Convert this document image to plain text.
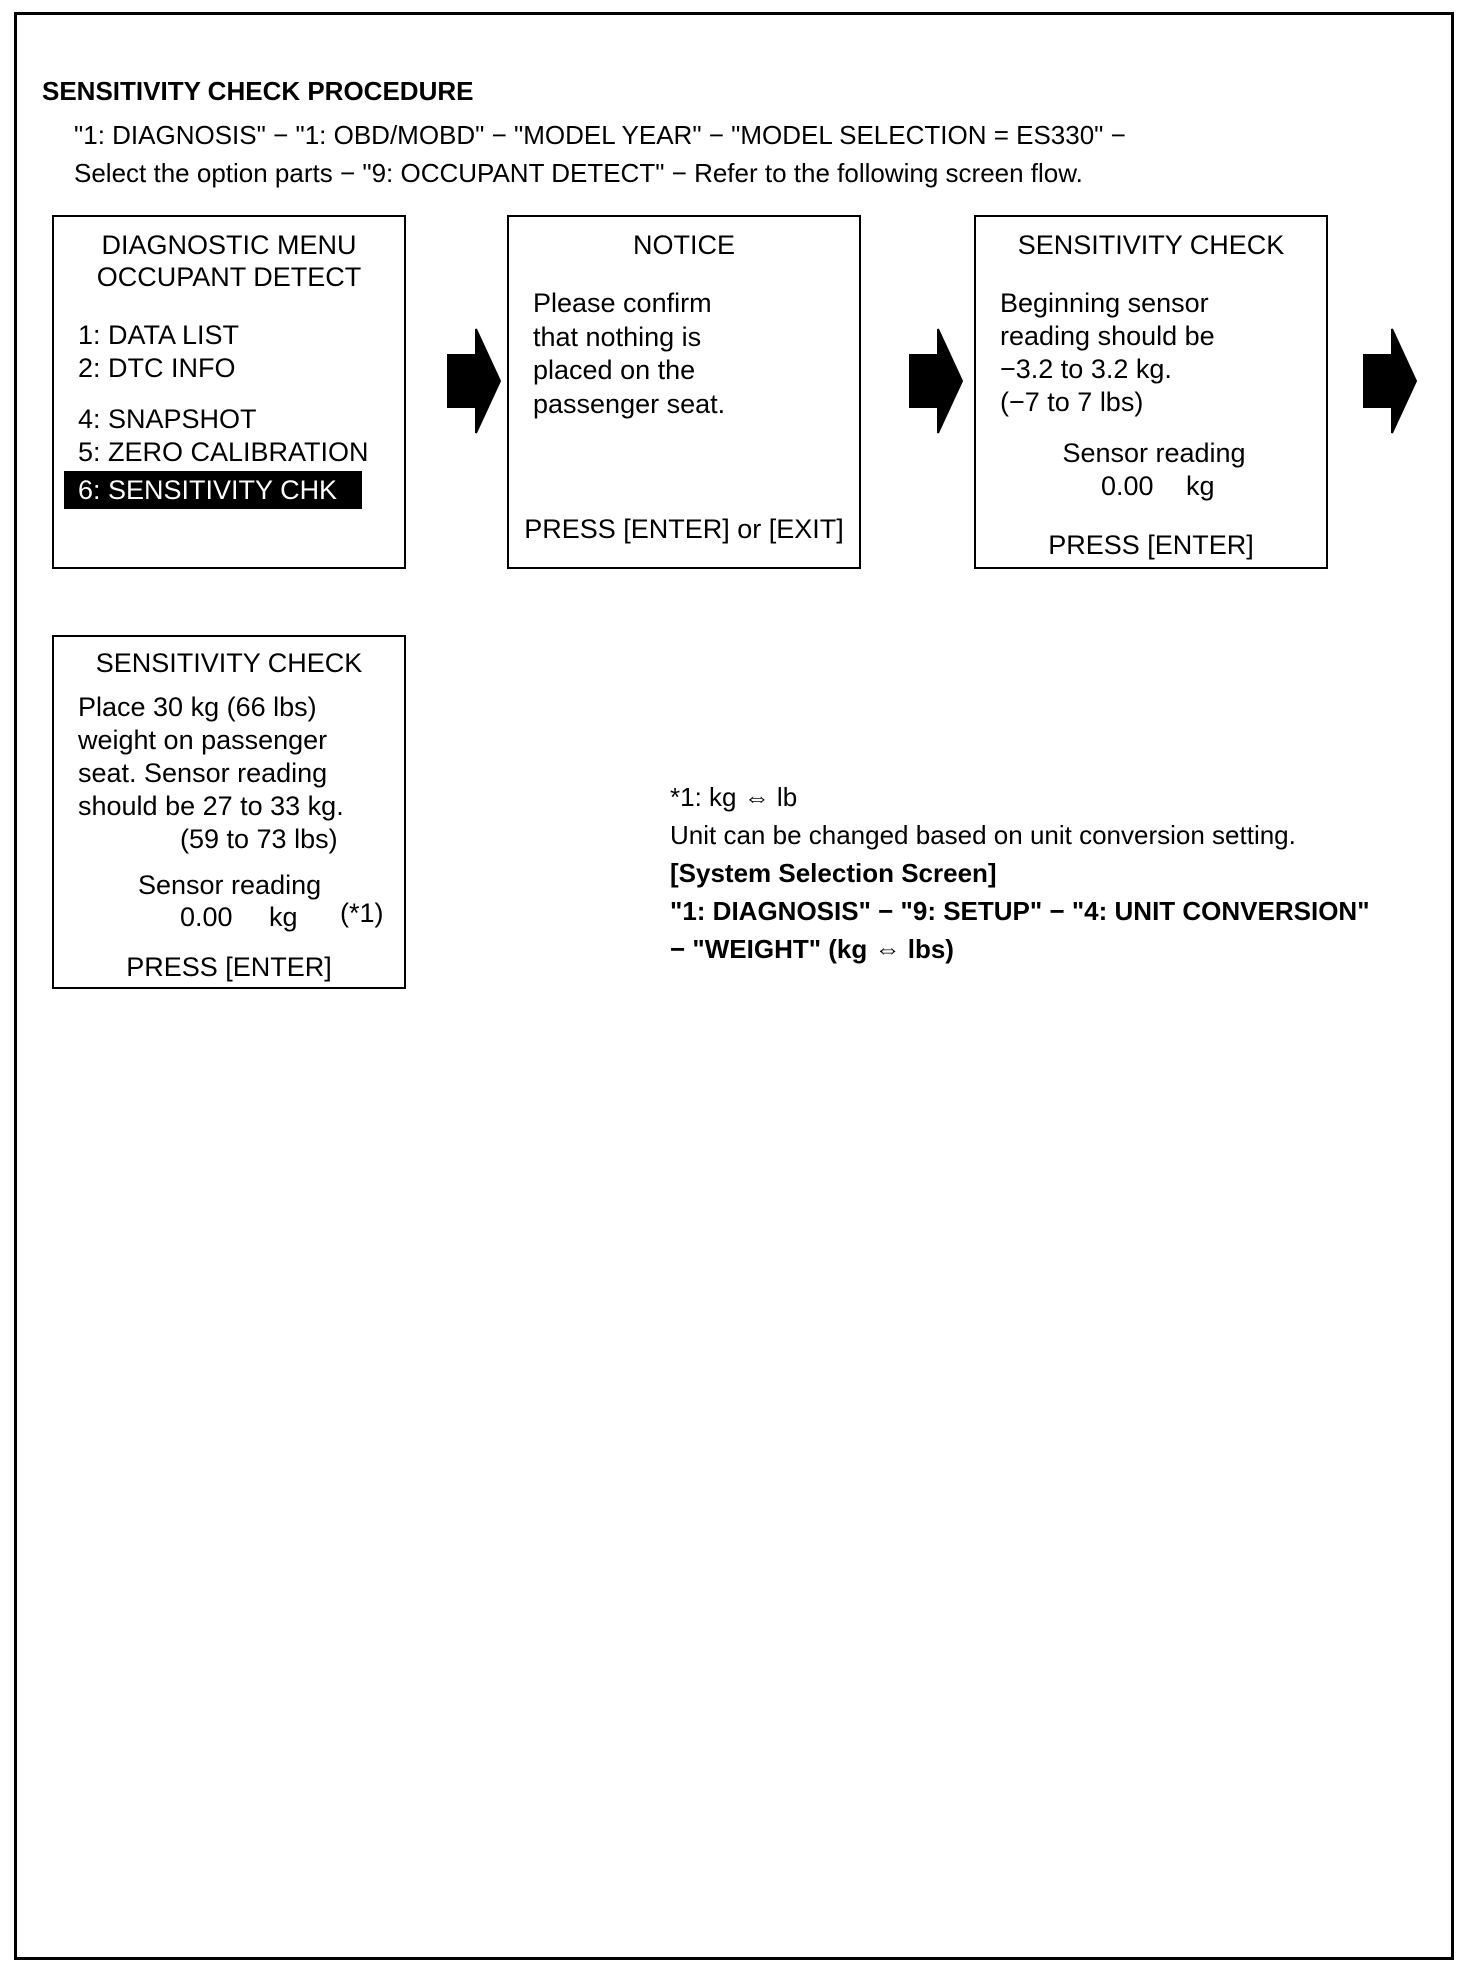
SENSITIVITY CHECK PROCEDURE
"1: DIAGNOSIS" − "1: OBD/MOBD" − "MODEL YEAR" − "MODEL SELECTION = ES330" −
Select the option parts − "9: OCCUPANT DETECT" − Refer to the following screen flow.
DIAGNOSTIC MENU
OCCUPANT DETECT
1: DATA LIST
2: DTC INFO
4: SNAPSHOT
5: ZERO CALIBRATION
6: SENSITIVITY CHK
NOTICE
Please confirm
that nothing is
placed on the
passenger seat.
PRESS [ENTER] or [EXIT]
SENSITIVITY CHECK
Beginning sensor
reading should be
−3.2 to 3.2 kg.
(−7 to 7 lbs)
Sensor reading
0.00 kg
PRESS [ENTER]
SENSITIVITY CHECK
Place 30 kg (66 lbs)
weight on passenger
seat. Sensor reading
should be 27 to 33 kg.
(59 to 73 lbs)
Sensor reading
0.00 kg (*1)
PRESS [ENTER]
*1: kg ⇔ lb
Unit can be changed based on unit conversion setting.
[System Selection Screen]
"1: DIAGNOSIS" − "9: SETUP" − "4: UNIT CONVERSION"
− "WEIGHT" (kg ⇔ lbs)
